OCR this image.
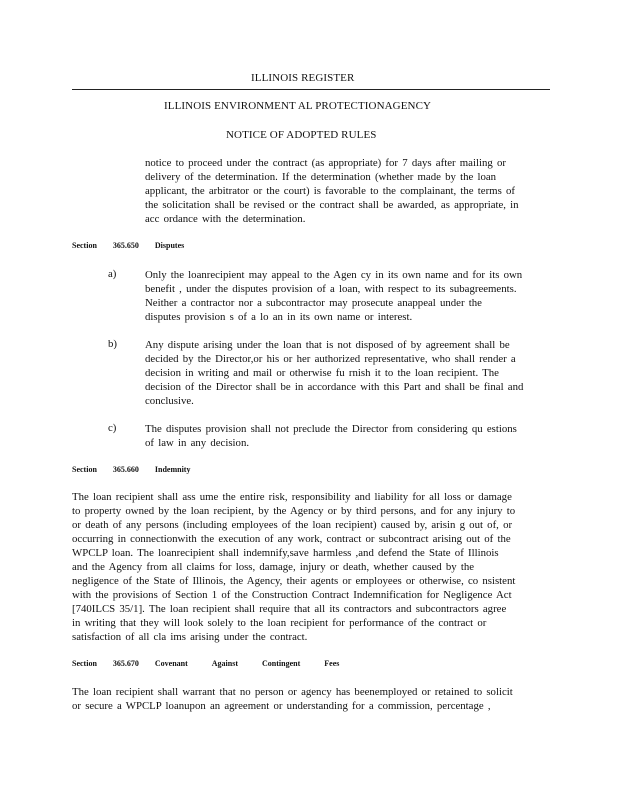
ILLINOIS REGISTER
ILLINOIS ENVIRONMENT AL PROTECTIONAGENCY
NOTICE OF ADOPTED RULES
notice to proceed under the contract (as appropriate) for 7 days after mailing or
delivery of the determination. If the determination (whether made by the loan
applicant, the arbitrator or the court) is favorable to the complainant, the terms of
the solicitation shall be revised or the contract shall be awarded, as appropriate, in
acc ordance with the determination.
Section 365.650 Disputes
a)	Only the loanrecipient may appeal to the Agen cy in its own name and for its own
benefit , under the disputes provision of a loan, with respect to its subagreements.
Neither a contractor nor a subcontractor may prosecute anappeal under the
disputes provision s of a lo an in its own name or interest.
b)	Any dispute arising under the loan that is not disposed of by agreement shall be
decided by the Director,or his or her authorized representative, who shall render a
decision in writing and mail or otherwise fu rnish it to the loan recipient. The
decision of the Director shall be in accordance with this Part and shall be final and
conclusive.
c)	The disputes provision shall not preclude the Director from considering qu estions
of law in any decision.
Section 365.660 Indemnity
The loan recipient shall ass ume the entire risk, responsibility and liability for all loss or damage
to property owned by the loan recipient, by the Agency or by third persons, and for any injury to
or death of any persons (including employees of the loan recipient) caused by, arisin g out of, or
occurring in connectionwith the execution of any work, contract or subcontract arising out of the
WPCLP loan. The loanrecipient shall indemnify,save harmless ,and defend the State of Illinois
and the Agency from all claims for loss, damage, injury or death, whether caused by the
negligence of the State of Illinois, the Agency, their agents or employees or otherwise, co nsistent
with the provisions of Section 1 of the Construction Contract Indemnification for Negligence Act
[740ILCS 35/1]. The loan recipient shall require that all its contractors and subcontractors agree
in writing that they will look solely to the loan recipient for performance of the contract or
satisfaction of all cla ims arising under the contract.
Section 365.670 Covenant	Against	Contingent	Fees
The loan recipient shall warrant that no person or agency has beenemployed or retained to solicit
or secure a WPCLP loanupon an agreement or understanding for a commission, percentage ,
